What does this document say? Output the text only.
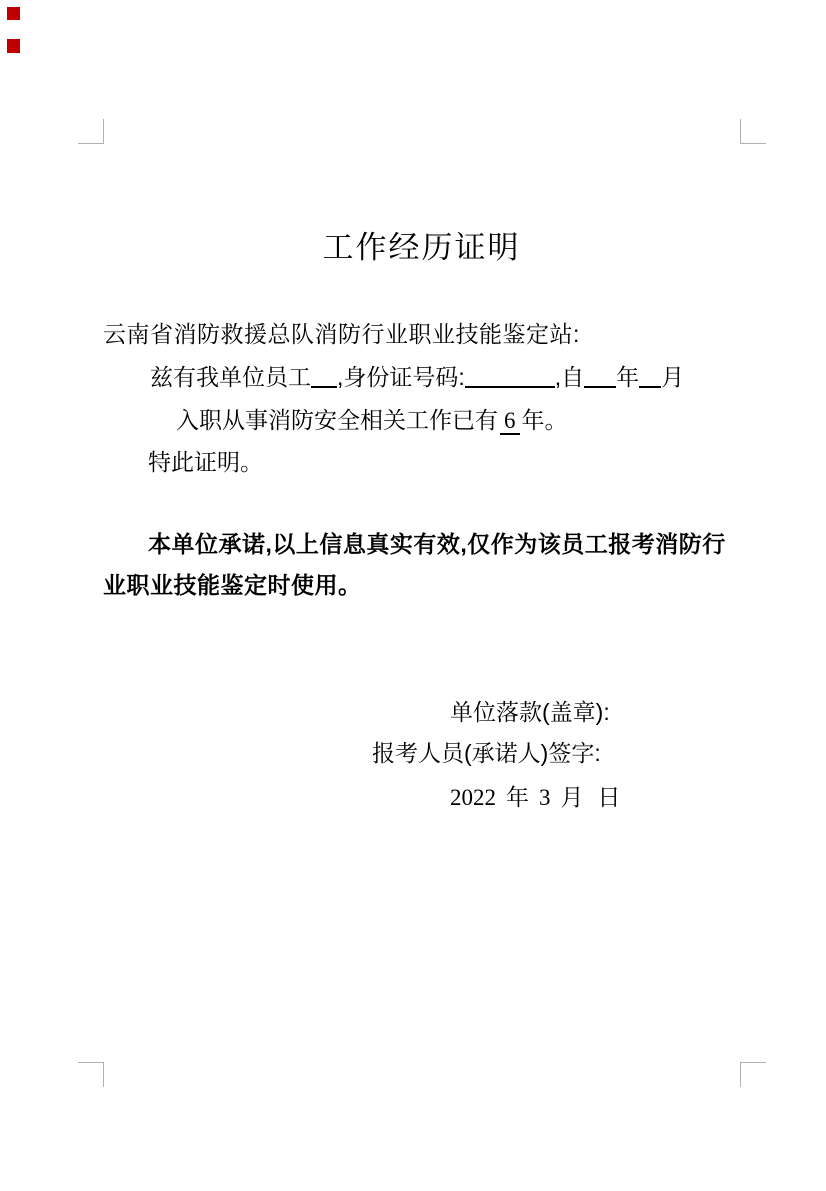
工作经历证明
云南省消防救援总队消防行业职业技能鉴定站:
兹有我单位员工 ,身份证号码:	,自 年 月
入职从事消防安全相关工作已有 6 年。
特此证明。
本单位承诺,以上信息真实有效,仅作为该员工报考消防行
业职业技能鉴定时使用。
单位落款(盖章):
报考人员(承诺人)签字:
2022 年 3 月 日
